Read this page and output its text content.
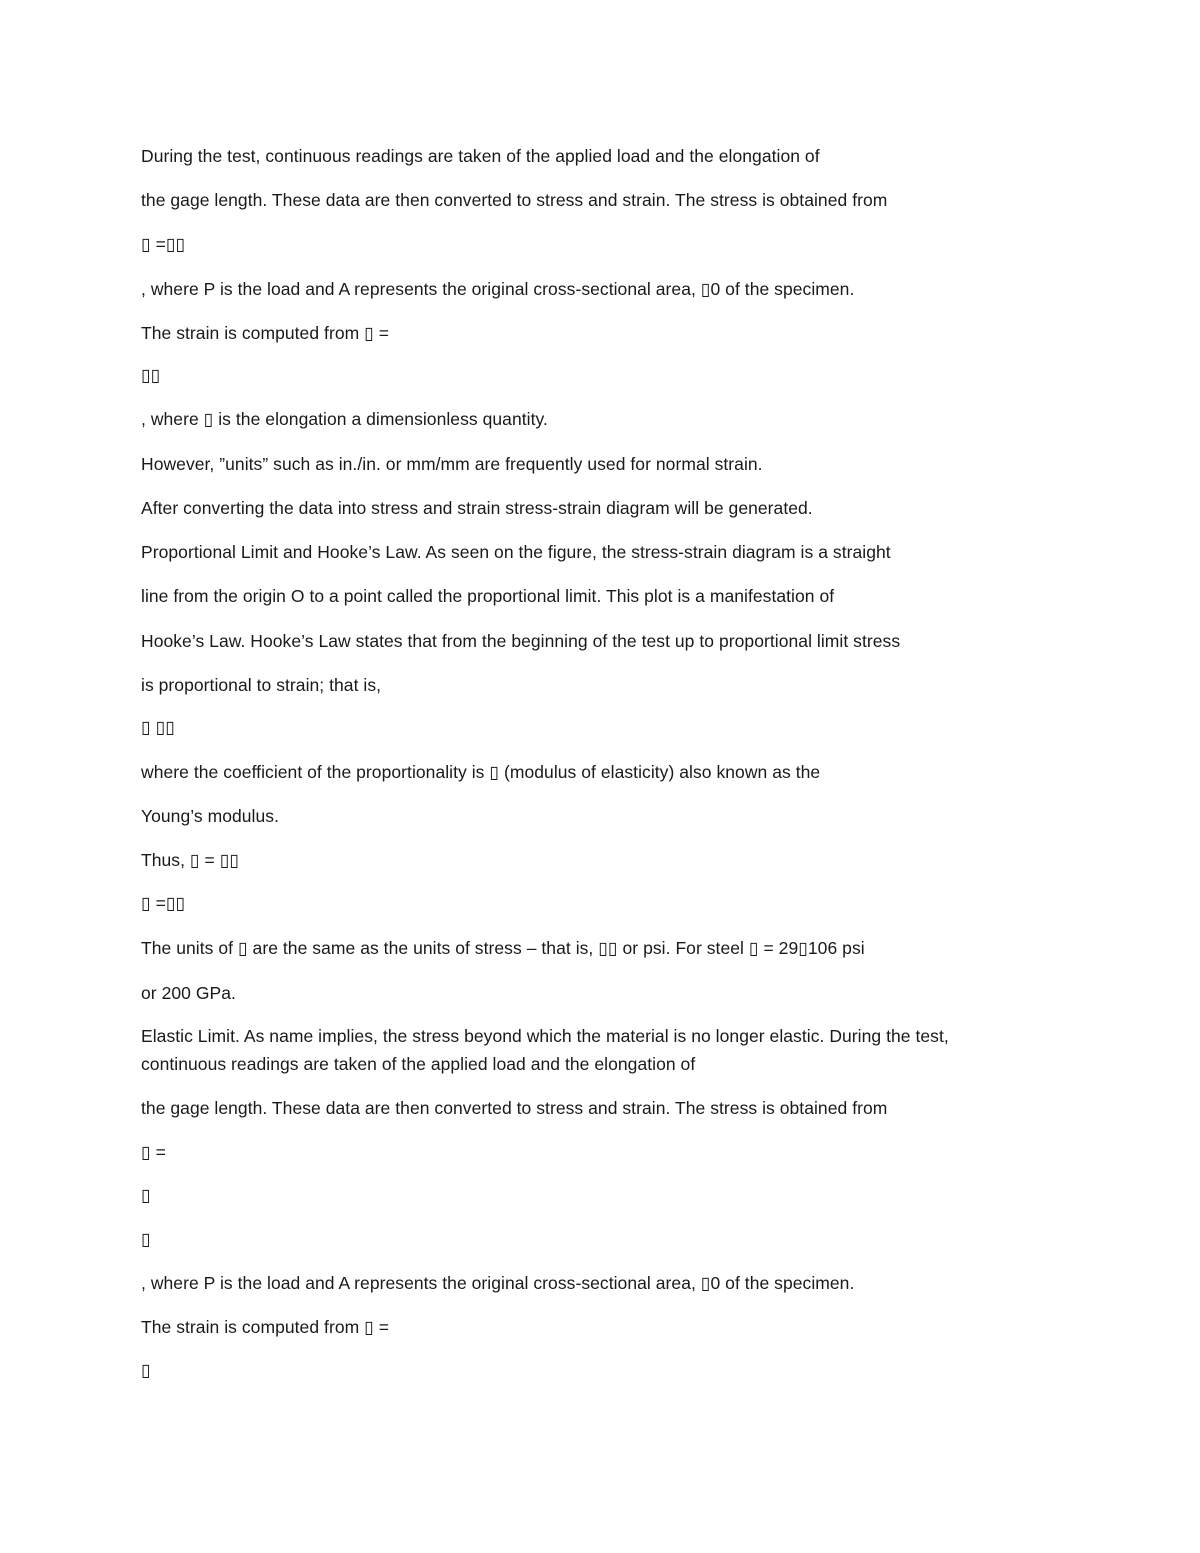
During the test, continuous readings are taken of the applied load and the elongation of
the gage length. These data are then converted to stress and strain. The stress is obtained from
▯ =▯▯
, where P is the load and A represents the original cross-sectional area, ▯0 of the specimen.
The strain is computed from ▯ =
▯▯
, where ▯ is the elongation a dimensionless quantity.
However, ”units” such as in./in. or mm/mm are frequently used for normal strain.
After converting the data into stress and strain stress-strain diagram will be generated.
Proportional Limit and Hooke’s Law. As seen on the figure, the stress-strain diagram is a straight
line from the origin O to a point called the proportional limit. This plot is a manifestation of
Hooke’s Law. Hooke’s Law states that from the beginning of the test up to proportional limit stress
is proportional to strain; that is,
▯ ▯▯
where the coefficient of the proportionality is ▯ (modulus of elasticity) also known as the
Young’s modulus.
Thus, ▯ = ▯▯
▯ =▯▯
The units of ▯ are the same as the units of stress – that is, ▯▯ or psi. For steel ▯ = 29▯106 psi
or 200 GPa.
Elastic Limit. As name implies, the stress beyond which the material is no longer elastic. During the test,
continuous readings are taken of the applied load and the elongation of
the gage length. These data are then converted to stress and strain. The stress is obtained from
▯ =
▯
▯
, where P is the load and A represents the original cross-sectional area, ▯0 of the specimen.
The strain is computed from ▯ =
▯
